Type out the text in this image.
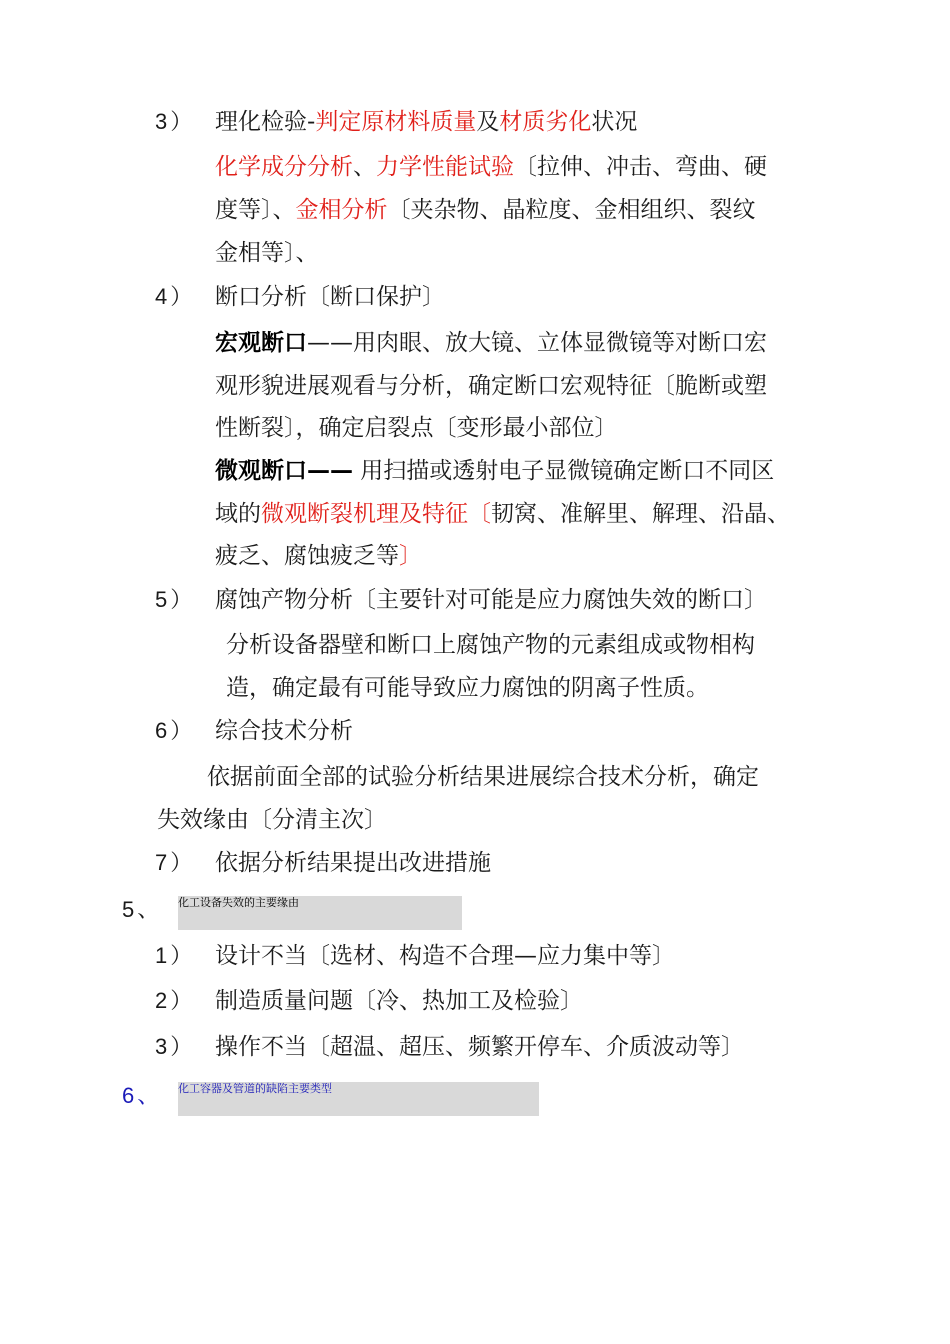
3） 理化检验-判定原材料质量及材质劣化状况
化学成分分析、力学性能试验〔拉伸、冲击、弯曲、硬
度等〕、金相分析〔夹杂物、晶粒度、金相组织、裂纹
金相等〕、
4） 断口分析〔断口保护〕
宏观断口——用肉眼、放大镜、立体显微镜等对断口宏
观形貌进展观看与分析，确定断口宏观特征〔脆断或塑
性断裂〕，确定启裂点〔变形最小部位〕
微观断口—— 用扫描或透射电子显微镜确定断口不同区
域的微观断裂机理及特征〔韧窝、准解里、解理、沿晶、
疲乏、腐蚀疲乏等〕
5） 腐蚀产物分析〔主要针对可能是应力腐蚀失效的断口〕
分析设备器壁和断口上腐蚀产物的元素组成或物相构
造，确定最有可能导致应力腐蚀的阴离子性质。
6） 综合技术分析
依据前面全部的试验分析结果进展综合技术分析，确定
失效缘由〔分清主次〕
7） 依据分析结果提出改进措施
5、 化工设备失效的主要缘由
1） 设计不当〔选材、构造不合理—应力集中等〕
2） 制造质量问题〔冷、热加工及检验〕
3） 操作不当〔超温、超压、频繁开停车、介质波动等〕
6、 化工容器及管道的缺陷主要类型
